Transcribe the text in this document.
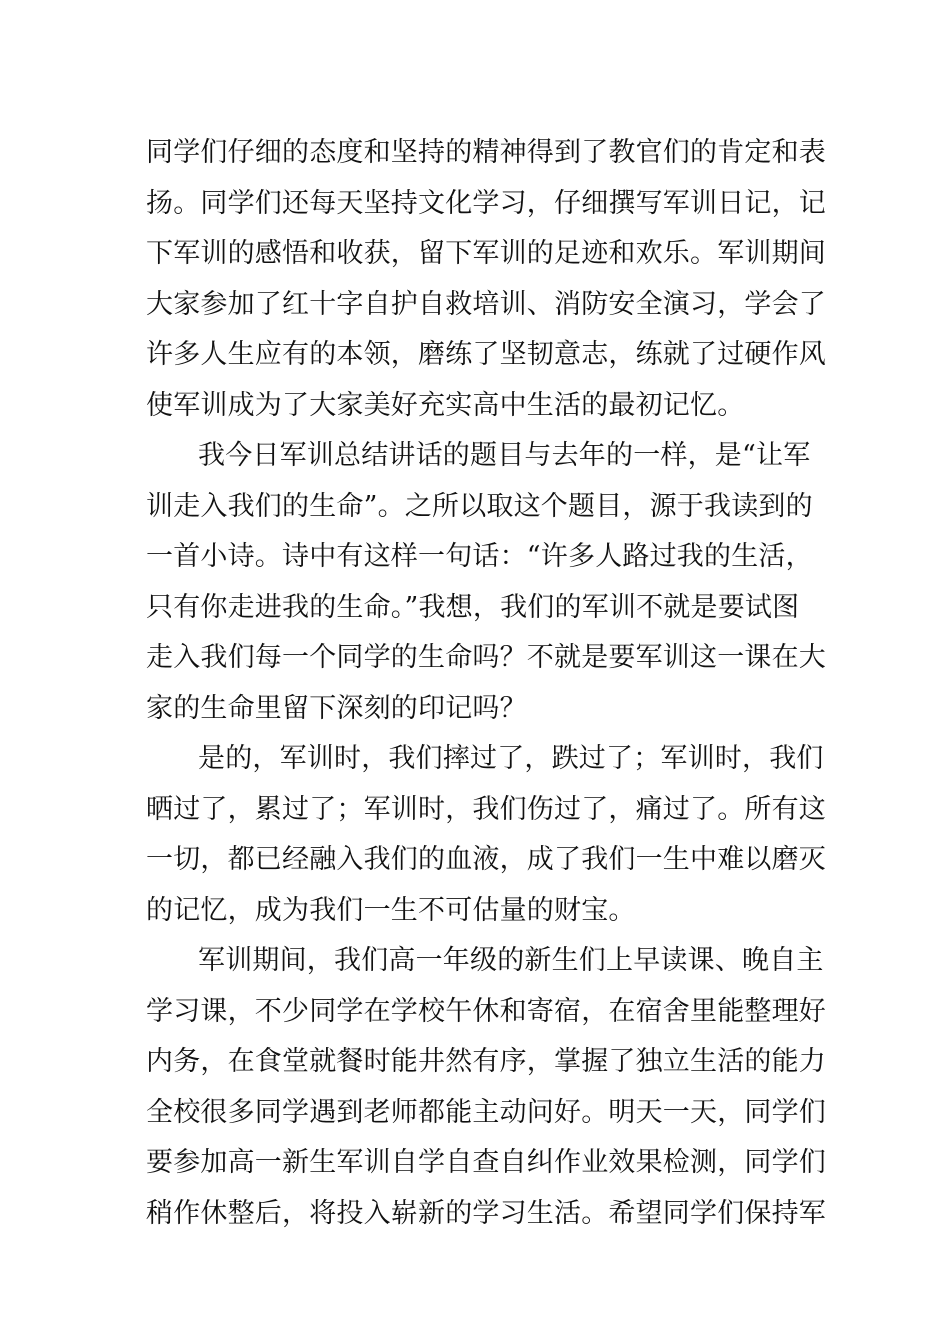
同学们仔细的态度和坚持的精神得到了教官们的肯定和表
扬。同学们还每天坚持文化学习，仔细撰写军训日记，记
下军训的感悟和收获，留下军训的足迹和欢乐。军训期间
大家参加了红十字自护自救培训、消防安全演习，学会了
许多人生应有的本领，磨练了坚韧意志，练就了过硬作风
使军训成为了大家美好充实高中生活的最初记忆。
我今日军训总结讲话的题目与去年的一样，是“让军
训走入我们的生命”。之所以取这个题目，源于我读到的
一首小诗。诗中有这样一句话：“许多人路过我的生活，
只有你走进我的生命。”我想，我们的军训不就是要试图
走入我们每一个同学的生命吗？不就是要军训这一课在大
家的生命里留下深刻的印记吗？
是的，军训时，我们摔过了，跌过了；军训时，我们
晒过了，累过了；军训时，我们伤过了，痛过了。所有这
一切，都已经融入我们的血液，成了我们一生中难以磨灭
的记忆，成为我们一生不可估量的财宝。
军训期间，我们高一年级的新生们上早读课、晚自主
学习课，不少同学在学校午休和寄宿，在宿舍里能整理好
内务，在食堂就餐时能井然有序，掌握了独立生活的能力
全校很多同学遇到老师都能主动问好。明天一天，同学们
要参加高一新生军训自学自查自纠作业效果检测，同学们
稍作休整后，将投入崭新的学习生活。希望同学们保持军
